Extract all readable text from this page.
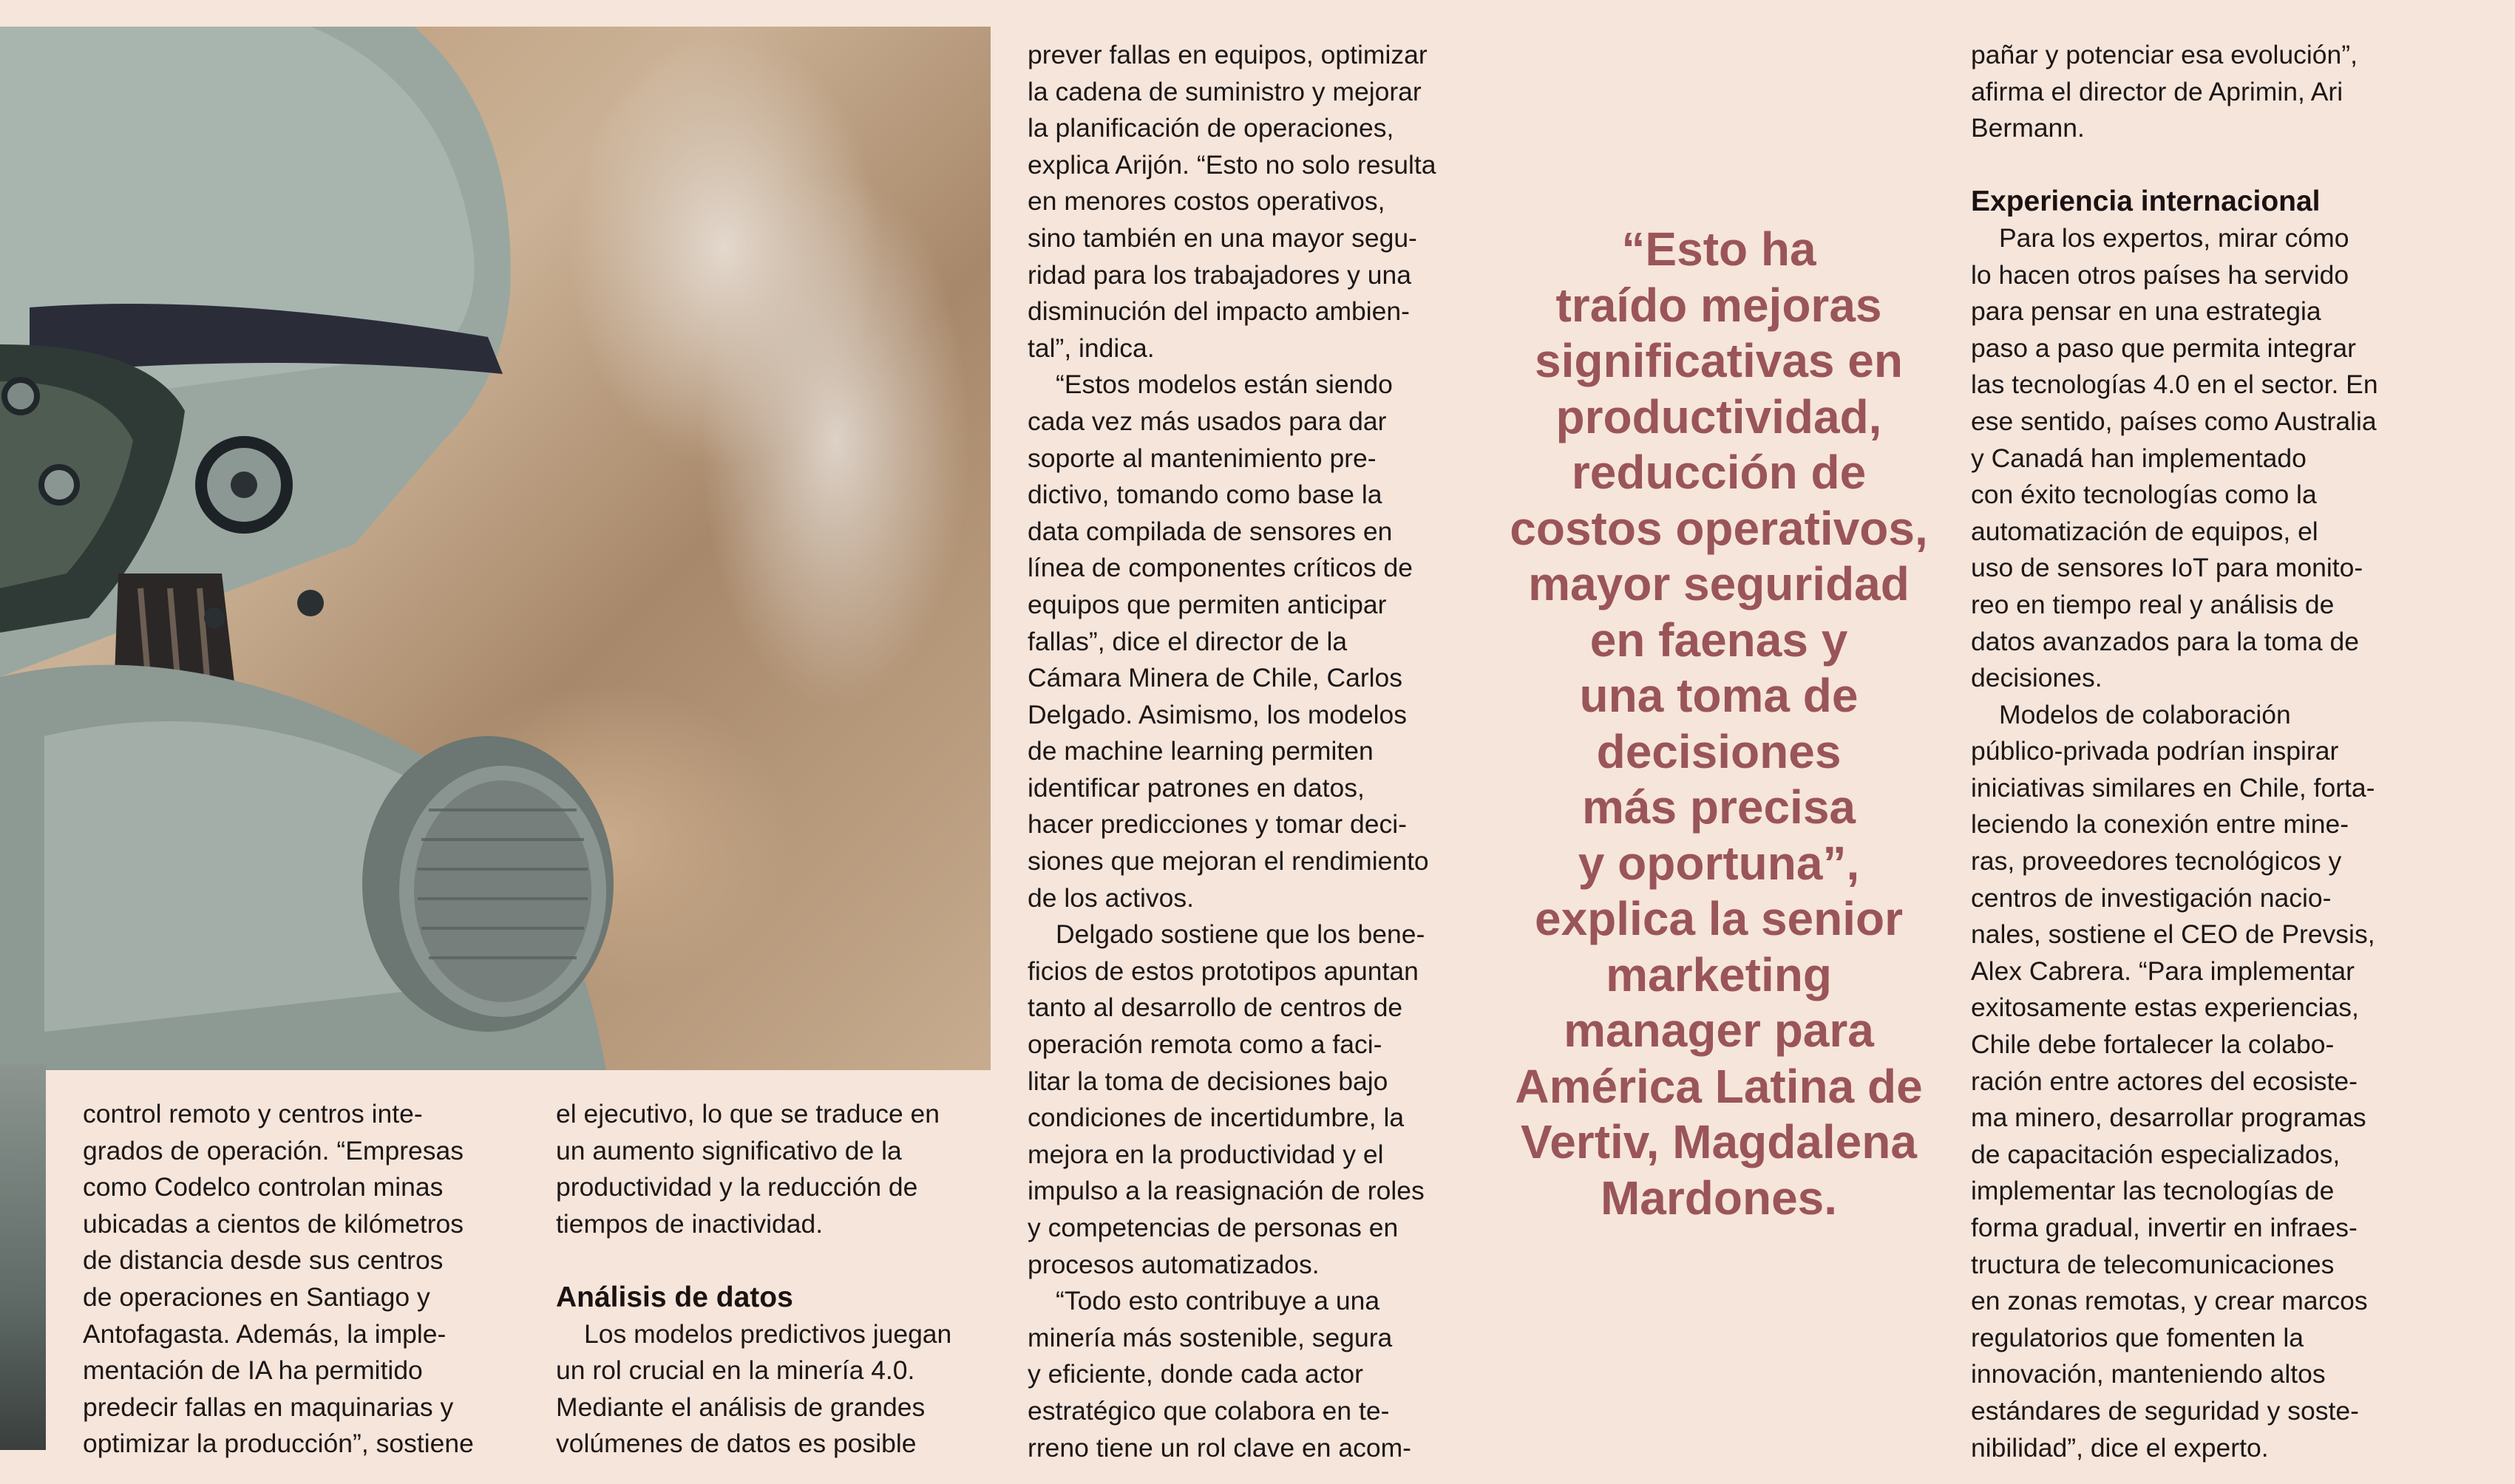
control remoto y centros inte-

grados de operación. “Empresas

como Codelco controlan minas

ubicadas a cientos de kilómetros

de distancia desde sus centros

de operaciones en Santiago y

Antofagasta. Además, la imple-

mentación de IA ha permitido

predecir fallas en maquinarias y

optimizar la producción”, sostiene

el ejecutivo, lo que se traduce en

un aumento significativo de la

productividad y la reducción de

tiempos de inactividad.

Análisis de datos

Los modelos predictivos juegan

un rol crucial en la minería 4.0.

Mediante el análisis de grandes

volúmenes de datos es posible

prever fallas en equipos, optimizar

la cadena de suministro y mejorar

la planificación de operaciones,

explica Arijón. “Esto no solo resulta

en menores costos operativos,

sino también en una mayor segu-

ridad para los trabajadores y una

disminución del impacto ambien-

tal”, indica.

“Estos modelos están siendo

cada vez más usados para dar

soporte al mantenimiento pre-

dictivo, tomando como base la

data compilada de sensores en

línea de componentes críticos de

equipos que permiten anticipar

fallas”, dice el director de la

Cámara Minera de Chile, Carlos

Delgado. Asimismo, los modelos

de machine learning permiten

identificar patrones en datos,

hacer predicciones y tomar deci-

siones que mejoran el rendimiento

de los activos.

Delgado sostiene que los bene-

ficios de estos prototipos apuntan

tanto al desarrollo de centros de

operación remota como a faci-

litar la toma de decisiones bajo

condiciones de incertidumbre, la

mejora en la productividad y el

impulso a la reasignación de roles

y competencias de personas en

procesos automatizados.

“Todo esto contribuye a una

minería más sostenible, segura

y eficiente, donde cada actor

estratégico que colabora en te-

rreno tiene un rol clave en acom-

“Esto ha

traído mejoras

significativas en

productividad,

reducción de

costos operativos,

mayor seguridad

en faenas y

una toma de

decisiones

más precisa

y oportuna”,

explica la senior

marketing

manager para

América Latina de

Vertiv, Magdalena

Mardones.

pañar y potenciar esa evolución”,

afirma el director de Aprimin, Ari

Bermann.

Experiencia internacional

Para los expertos, mirar cómo

lo hacen otros países ha servido

para pensar en una estrategia

paso a paso que permita integrar

las tecnologías 4.0 en el sector. En

ese sentido, países como Australia

y Canadá han implementado

con éxito tecnologías como la

automatización de equipos, el

uso de sensores IoT para monito-

reo en tiempo real y análisis de

datos avanzados para la toma de

decisiones.

Modelos de colaboración

público-privada podrían inspirar

iniciativas similares en Chile, forta-

leciendo la conexión entre mine-

ras, proveedores tecnológicos y

centros de investigación nacio-

nales, sostiene el CEO de Prevsis,

Alex Cabrera. “Para implementar

exitosamente estas experiencias,

Chile debe fortalecer la colabo-

ración entre actores del ecosiste-

ma minero, desarrollar programas

de capacitación especializados,

implementar las tecnologías de

forma gradual, invertir en infraes-

tructura de telecomunicaciones

en zonas remotas, y crear marcos

regulatorios que fomenten la

innovación, manteniendo altos

estándares de seguridad y soste-

nibilidad”, dice el experto.
